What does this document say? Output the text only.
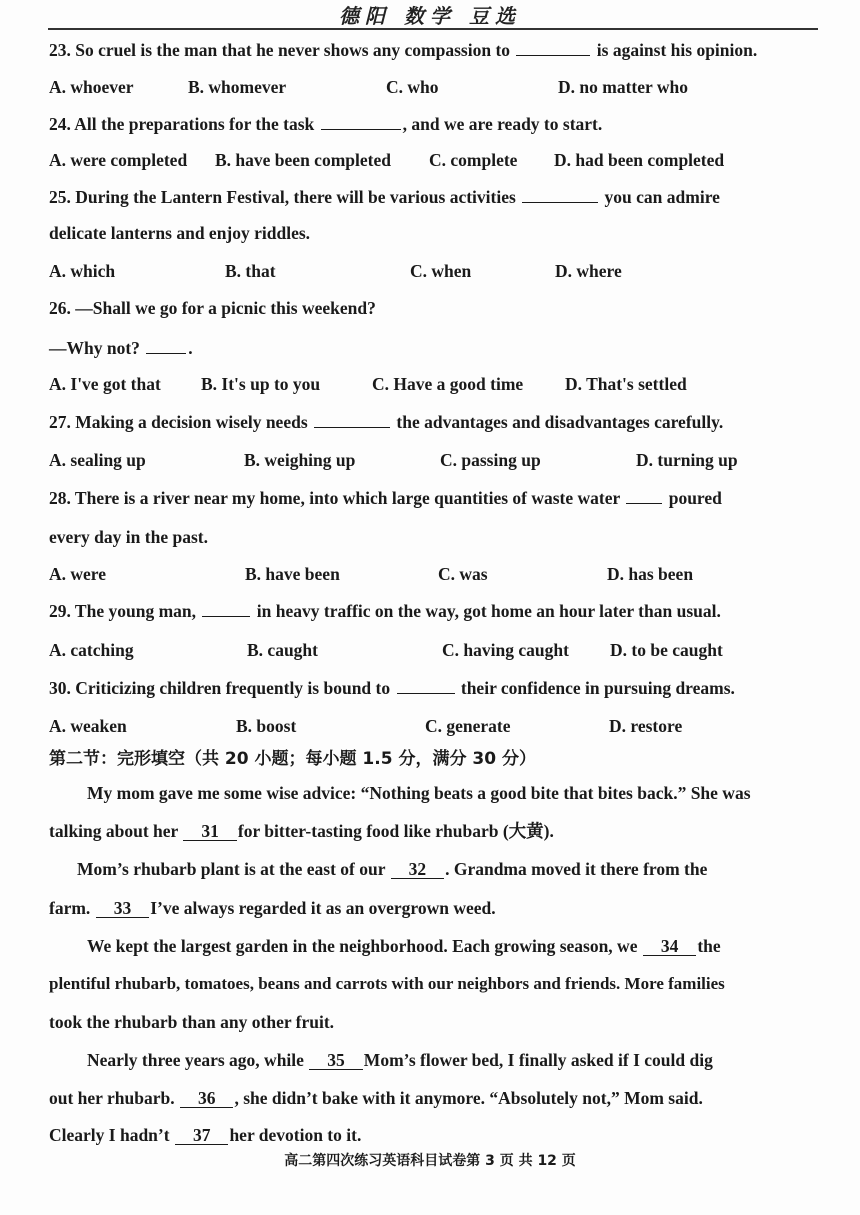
德阳 数学 豆选
23. So cruel is the man that he never shows any compassion to	is against his opinion.
A. whoever	B. whomever	C. who	D. no matter who
24. All the preparations for the task	, and we are ready to start.
A. were completed B. have been completed C. complete D. had been completed
25. During the Lantern Festival, there will be various activities	you can admire
delicate lanterns and enjoy riddles.
A. which	B. that	C. when	D. where
26. —Shall we go for a picnic this weekend?
—Why not?	.
A. I've got that B. It's up to you	C. Have a good time D. That's settled
27. Making a decision wisely needs	the advantages and disadvantages carefully.
A. sealing up	B. weighing up	C. passing up	D. turning up
28. There is a river near my home, into which large quantities of waste water	poured
every day in the past.
A. were	B. have been	C. was	D. has been
29. The young man,	in heavy traffic on the way, got home an hour later than usual.
A. catching	B. caught	C. having caught D. to be caught
30. Criticizing children frequently is bound to	their confidence in pursuing dreams.
A. weaken	B. boost	C. generate	D. restore
第二节：完形填空（共 20 小题；每小题 1.5 分，满分 30 分）
My mom gave me some wise advice: “Nothing beats a good bite that bites back.” She was
talking about her 31 for bitter-tasting food like rhubarb (大黄).
Mom’s rhubarb plant is at the east of our 32 . Grandma moved it there from the
farm. 33 I’ve always regarded it as an overgrown weed.
We kept the largest garden in the neighborhood. Each growing season, we 34 the
plentiful rhubarb, tomatoes, beans and carrots with our neighbors and friends. More families
took the rhubarb than any other fruit.
Nearly three years ago, while 35 Mom’s flower bed, I finally asked if I could dig
out her rhubarb. 36 , she didn’t bake with it anymore. “Absolutely not,” Mom said.
Clearly I hadn’t 37 her devotion to it.
高二第四次练习英语科目试卷第 3 页 共 12 页
